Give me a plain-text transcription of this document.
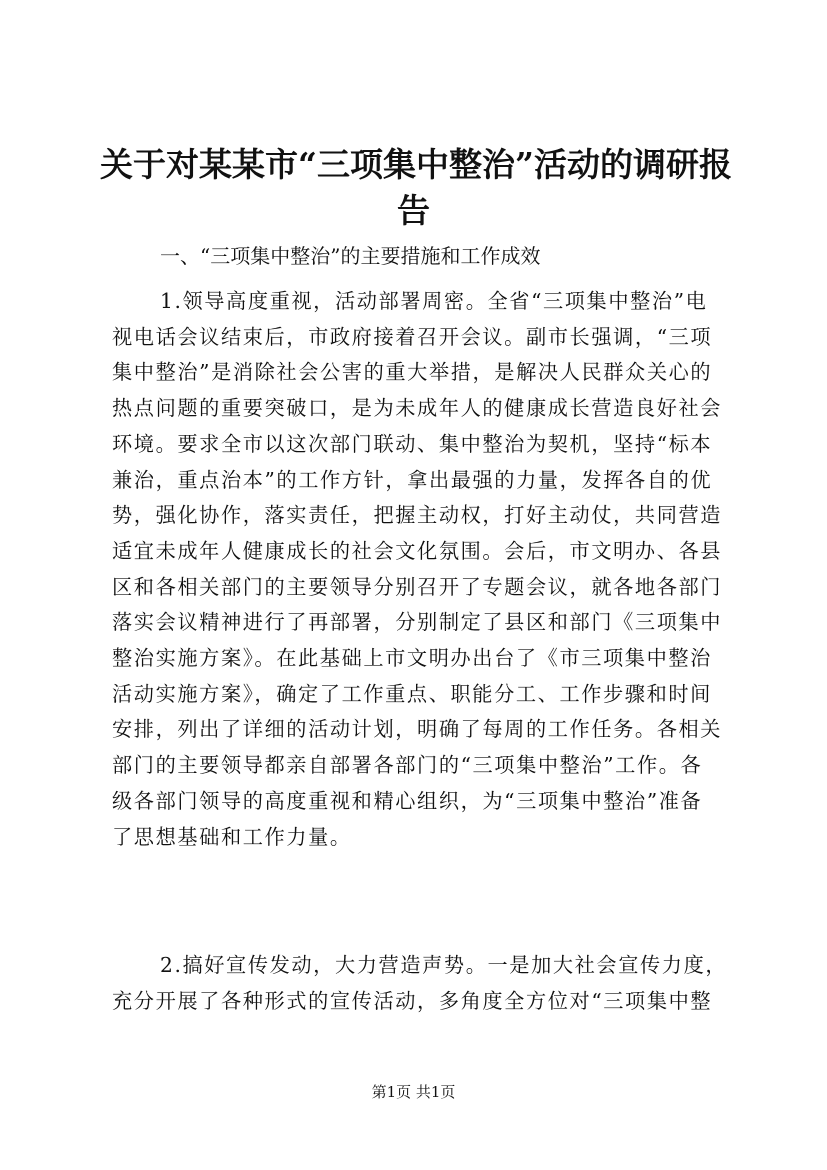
关于对某某市“三项集中整治”活动的调研报
告

一、“三项集中整治”的主要措施和工作成效

1.领导高度重视，活动部署周密。全省“三项集中整治”电
视电话会议结束后，市政府接着召开会议。副市长强调，“三项
集中整治”是消除社会公害的重大举措，是解决人民群众关心的
热点问题的重要突破口，是为未成年人的健康成长营造良好社会
环境。要求全市以这次部门联动、集中整治为契机，坚持“标本
兼治，重点治本”的工作方针，拿出最强的力量，发挥各自的优
势，强化协作，落实责任，把握主动权，打好主动仗，共同营造
适宜未成年人健康成长的社会文化氛围。会后，市文明办、各县
区和各相关部门的主要领导分别召开了专题会议，就各地各部门
落实会议精神进行了再部署，分别制定了县区和部门《三项集中
整治实施方案》。在此基础上市文明办出台了《市三项集中整治
活动实施方案》，确定了工作重点、职能分工、工作步骤和时间
安排，列出了详细的活动计划，明确了每周的工作任务。各相关
部门的主要领导都亲自部署各部门的“三项集中整治”工作。各
级各部门领导的高度重视和精心组织，为“三项集中整治”准备
了思想基础和工作力量。
2.搞好宣传发动，大力营造声势。一是加大社会宣传力度，
充分开展了各种形式的宣传活动，多角度全方位对“三项集中整

第1页 共1页
